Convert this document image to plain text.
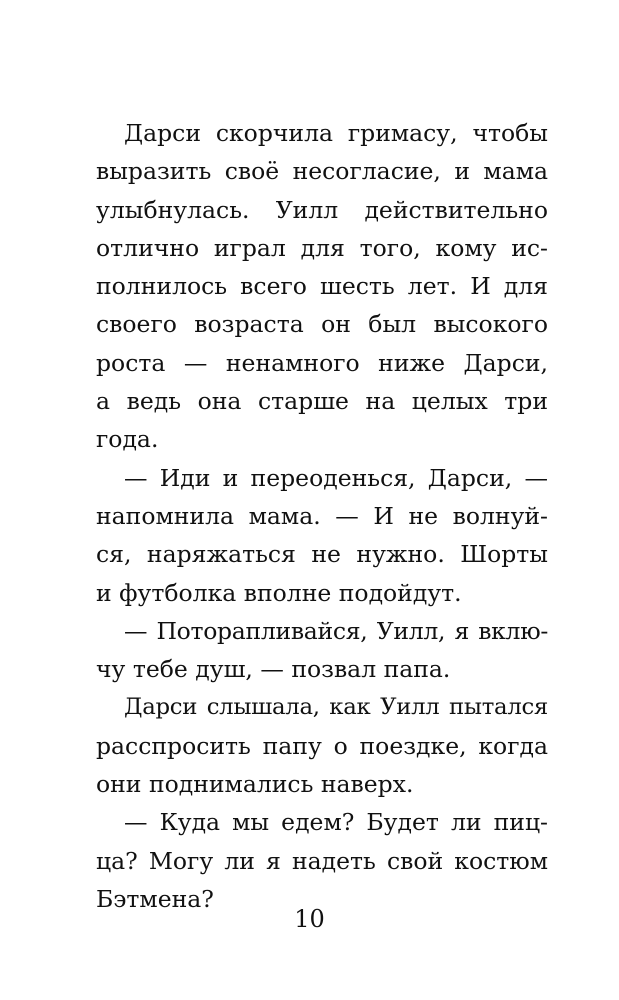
Дарси скорчила гримасу, чтобы
выразить своё несогласие, и мама
улыбнулась. Уилл действительно
отлично играл для того, кому ис-
полнилось всего шесть лет. И для
своего возраста он был высокого
роста — ненамного ниже Дарси,
а ведь она старше на целых три
года.
— Иди и переоденься, Дарси, —
напомнила мама. — И не волнуй-
ся, наряжаться не нужно. Шорты
и футболка вполне подойдут.
— Поторапливайся, Уилл, я вклю-
чу тебе душ, — позвал папа.
Дарси слышала, как Уилл пытался
расспросить папу о поездке, когда
они поднимались наверх.
— Куда мы едем? Будет ли пиц-
ца? Могу ли я надеть свой костюм
Бэтмена?
10
